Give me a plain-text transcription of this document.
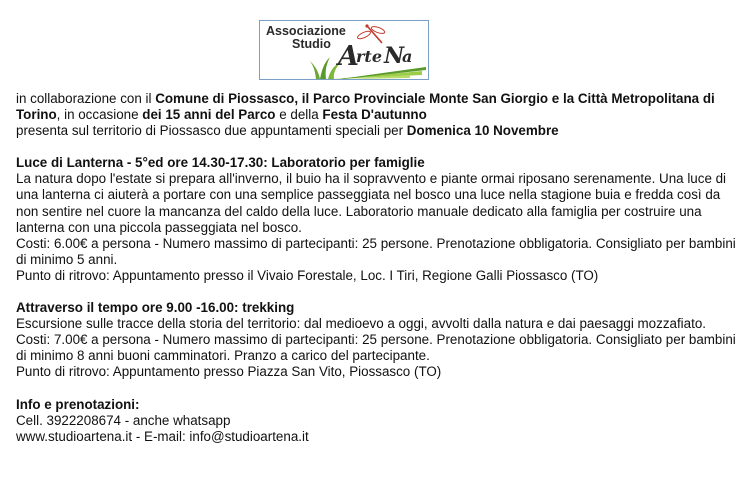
Associazione
Studio A
rte N
a

in collaborazione con il Comune di Piossasco, il Parco Provinciale Monte San Giorgio e la Città Metropolitana di Torino, in occasione dei 15 anni del Parco e della Festa D'autunno
presenta sul territorio di Piossasco due appuntamenti speciali per Domenica 10 Novembre

Luce di Lanterna - 5°ed ore 14.30-17.30: Laboratorio per famiglie

La natura dopo l'estate si prepara all'inverno, il buio ha il sopravvento e piante ormai riposano serenamente. Una luce di una lanterna ci aiuterà a portare con una semplice passeggiata nel bosco una luce nella stagione buia e fredda così da non sentire nel cuore la mancanza del caldo della luce. Laboratorio manuale dedicato alla famiglia per costruire una lanterna con una piccola passeggiata nel bosco.

Costi: 6.00€ a persona - Numero massimo di partecipanti: 25 persone. Prenotazione obbligatoria. Consigliato per bambini di minimo 5 anni.

Punto di ritrovo: Appuntamento presso il Vivaio Forestale, Loc. I Tiri, Regione Galli Piossasco (TO)

Attraverso il tempo ore 9.00 -16.00: trekking

Escursione sulle tracce della storia del territorio: dal medioevo a oggi, avvolti dalla natura e dai paesaggi mozzafiato.

Costi: 7.00€ a persona - Numero massimo di partecipanti: 25 persone. Prenotazione obbligatoria. Consigliato per bambini di minimo 8 anni buoni camminatori. Pranzo a carico del partecipante.

Punto di ritrovo: Appuntamento presso Piazza San Vito, Piossasco (TO)

Info e prenotazioni:

Cell. 3922208674 - anche whatsapp

www.studioartena.it - E-mail: info@studioartena.it
